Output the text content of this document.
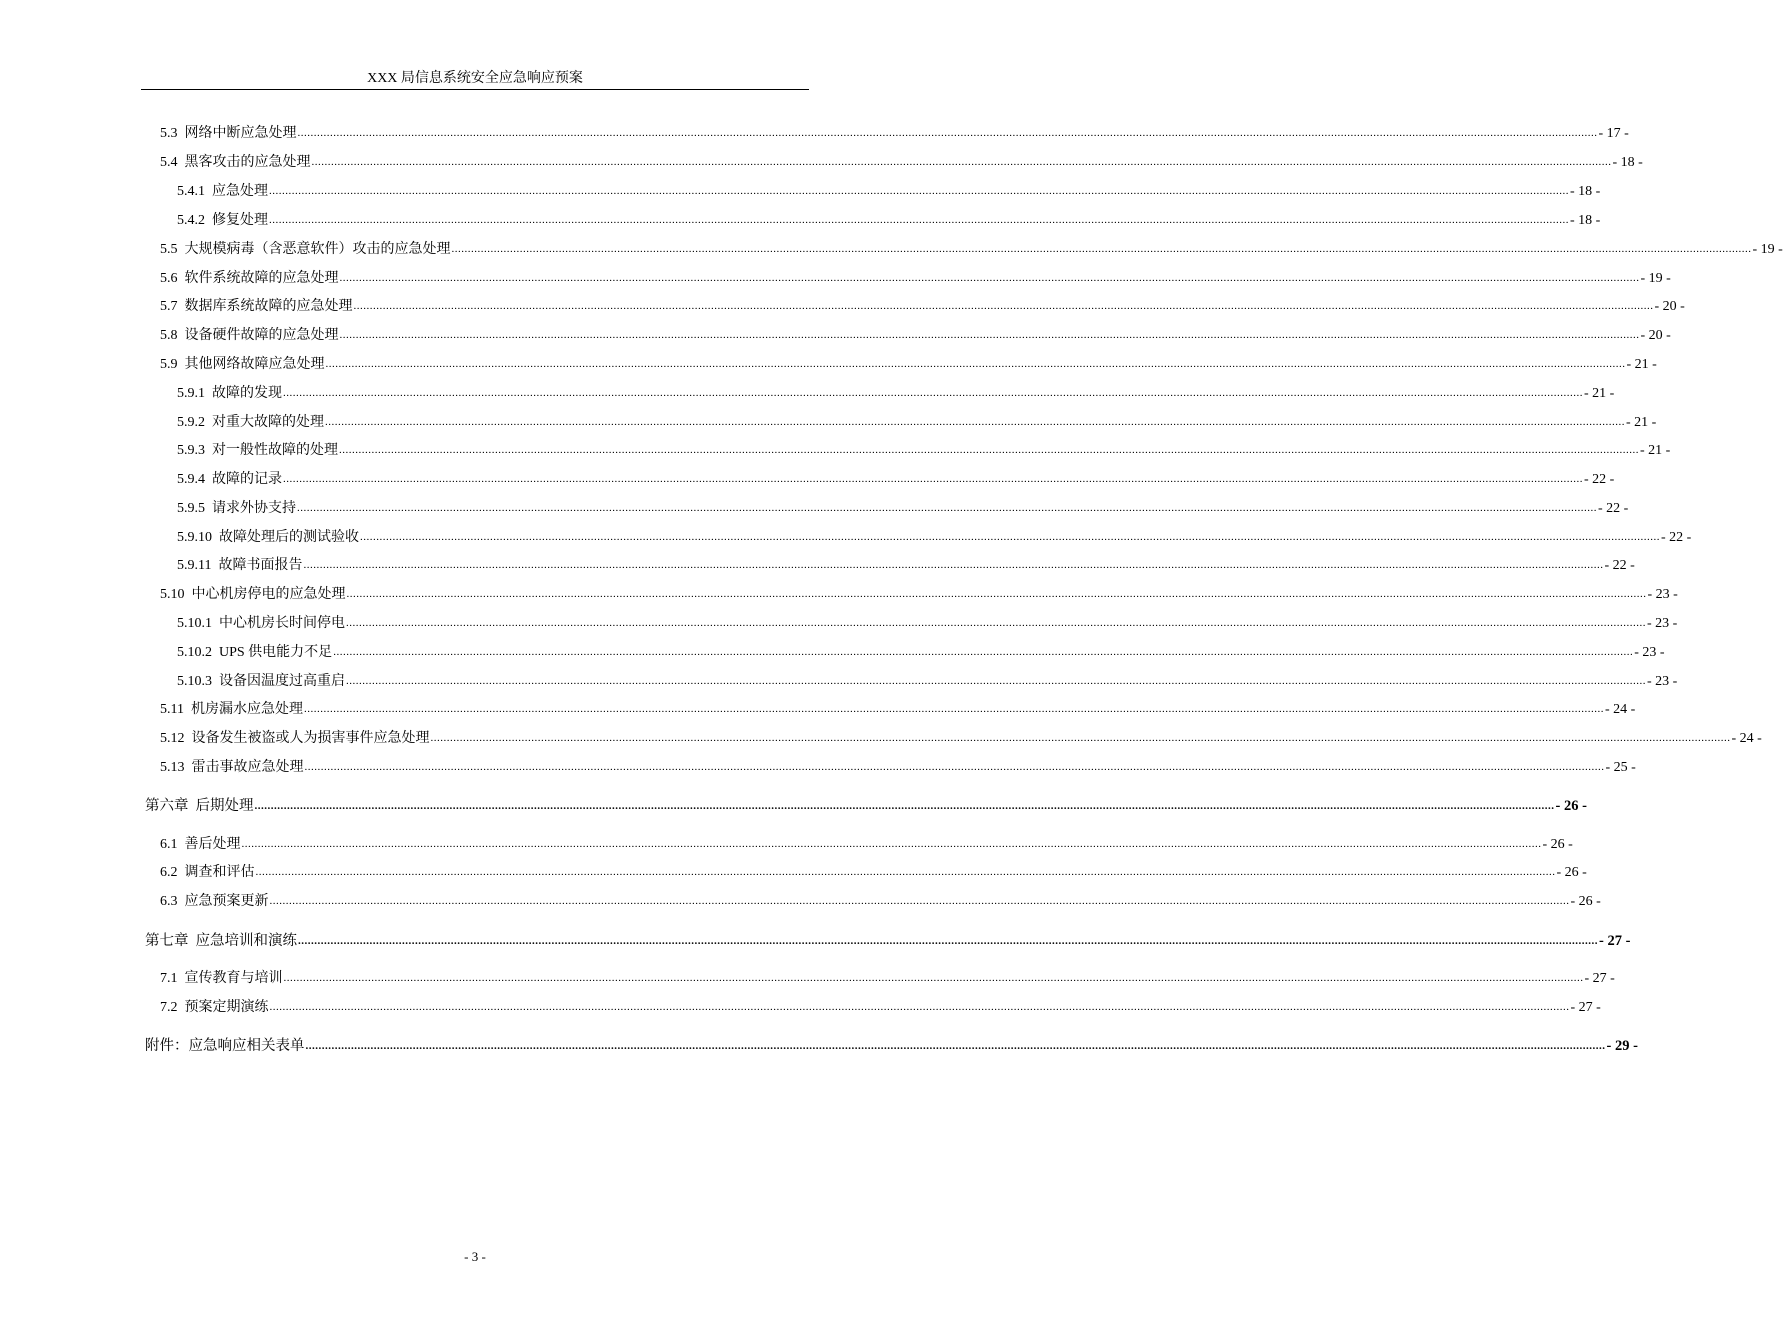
XXX 局信息系统安全应急响应预案
5.3 网络中断应急处理 ................................................................................................................................................................................................................................................................................................................................................................................................................ - 17 -
5.4 黑客攻击的应急处理 ................................................................................................................................................................................................................................................................................................................................................................................................................ - 18 -
5.4.1 应急处理 ................................................................................................................................................................................................................................................................................................................................................................................................................ - 18 -
5.4.2 修复处理 ................................................................................................................................................................................................................................................................................................................................................................................................................ - 18 -
5.5 大规模病毒（含恶意软件）攻击的应急处理 ................................................................................................................................................................................................................................................................................................................................................................................................................ - 19 -
5.6 软件系统故障的应急处理 ................................................................................................................................................................................................................................................................................................................................................................................................................ - 19 -
5.7 数据库系统故障的应急处理 ................................................................................................................................................................................................................................................................................................................................................................................................................ - 20 -
5.8 设备硬件故障的应急处理 ................................................................................................................................................................................................................................................................................................................................................................................................................ - 20 -
5.9 其他网络故障应急处理 ................................................................................................................................................................................................................................................................................................................................................................................................................ - 21 -
5.9.1 故障的发现 ................................................................................................................................................................................................................................................................................................................................................................................................................ - 21 -
5.9.2 对重大故障的处理 ................................................................................................................................................................................................................................................................................................................................................................................................................ - 21 -
5.9.3 对一般性故障的处理 ................................................................................................................................................................................................................................................................................................................................................................................................................ - 21 -
5.9.4 故障的记录 ................................................................................................................................................................................................................................................................................................................................................................................................................ - 22 -
5.9.5 请求外协支持 ................................................................................................................................................................................................................................................................................................................................................................................................................ - 22 -
5.9.10 故障处理后的测试验收 ................................................................................................................................................................................................................................................................................................................................................................................................................ - 22 -
5.9.11 故障书面报告 ................................................................................................................................................................................................................................................................................................................................................................................................................ - 22 -
5.10 中心机房停电的应急处理 ................................................................................................................................................................................................................................................................................................................................................................................................................ - 23 -
5.10.1 中心机房长时间停电 ................................................................................................................................................................................................................................................................................................................................................................................................................ - 23 -
5.10.2 UPS 供电能力不足 ................................................................................................................................................................................................................................................................................................................................................................................................................ - 23 -
5.10.3 设备因温度过高重启 ................................................................................................................................................................................................................................................................................................................................................................................................................ - 23 -
5.11 机房漏水应急处理 ................................................................................................................................................................................................................................................................................................................................................................................................................ - 24 -
5.12 设备发生被盗或人为损害事件应急处理 ................................................................................................................................................................................................................................................................................................................................................................................................................ - 24 -
5.13 雷击事故应急处理 ................................................................................................................................................................................................................................................................................................................................................................................................................ - 25 -
第六章 后期处理 ................................................................................................................................................................................................................................................................................................................................................................................................................ - 26 -
6.1 善后处理 ................................................................................................................................................................................................................................................................................................................................................................................................................ - 26 -
6.2 调查和评估 ................................................................................................................................................................................................................................................................................................................................................................................................................ - 26 -
6.3 应急预案更新 ................................................................................................................................................................................................................................................................................................................................................................................................................ - 26 -
第七章 应急培训和演练 ................................................................................................................................................................................................................................................................................................................................................................................................................ - 27 -
7.1 宣传教育与培训 ................................................................................................................................................................................................................................................................................................................................................................................................................ - 27 -
7.2 预案定期演练 ................................................................................................................................................................................................................................................................................................................................................................................................................ - 27 -
附件：应急响应相关表单 ................................................................................................................................................................................................................................................................................................................................................................................................................ - 29 -
- 3 -
